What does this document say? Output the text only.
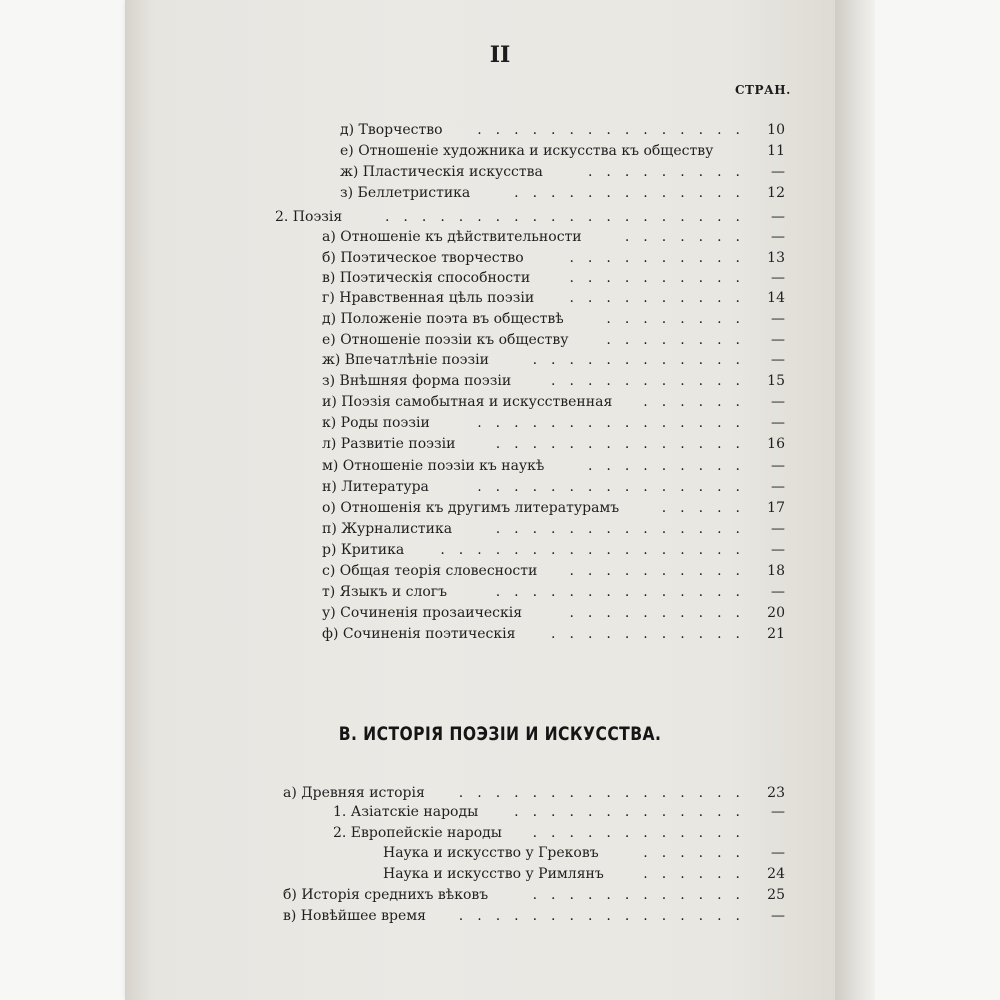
II
СТРАН.
д) Творчество	. . . . . . . . . . . . . . . 	10
е) Отношеніе художника и искусства къ обществу	11
ж) Пластическія искусства	. . . . . . . . . 	—
з) Беллетристика	. . . . . . . . . . . . . 	12
2. Поэзія	. . . . . . . . . . . . . . . . . . . . 	—
а) Отношеніе къ дѣйствительности	. . . . . . . 	—
б) Поэтическое творчество	. . . . . . . . . . 	13
в) Поэтическія способности	. . . . . . . . . . 	—
г) Нравственная цѣль поэзіи	. . . . . . . . . . 	14
д) Положеніе поэта въ обществѣ	. . . . . . . . 	—
е) Отношеніе поэзіи къ обществу	. . . . . . . . 	—
ж) Впечатлѣніе поэзіи	. . . . . . . . . . . . 	—
з) Внѣшняя форма поэзіи	. . . . . . . . . . . 	15
и) Поэзія самобытная и искусственная	. . . . . . 	—
к) Роды поэзіи	. . . . . . . . . . . . . . . 	—
л) Развитіе поэзіи	. . . . . . . . . . . . . . 	16
м) Отношеніе поэзіи къ наукѣ	. . . . . . . . . 	—
н) Литература	. . . . . . . . . . . . . . . 	—
о) Отношенія къ другимъ литературамъ	. . . . . 	17
п) Журналистика	. . . . . . . . . . . . . . 	—
р) Критика	. . . . . . . . . . . . . . . . . 	—
с) Общая теорія словесности	. . . . . . . . . . 	18
т) Языкъ и слогъ	. . . . . . . . . . . . . . 	—
у) Сочиненія прозаическія	. . . . . . . . . . 	20
ф) Сочиненія поэтическія	. . . . . . . . . . . 	21
В. ИСТОРІЯ ПОЭЗІИ И ИСКУССТВА.
а) Древняя исторія	. . . . . . . . . . . . . . . . 	23
1. Азіатскіе народы	. . . . . . . . . . . . . 	—
2. Европейскіе народы	. . . . . . . . . . . . 
Наука и искусство у Грековъ	. . . . . . 	—
Наука и искусство у Римлянъ	. . . . . . 	24
б) Исторія среднихъ вѣковъ	. . . . . . . . . . . . 	25
в) Новѣйшее время	. . . . . . . . . . . . . . . . 	—
